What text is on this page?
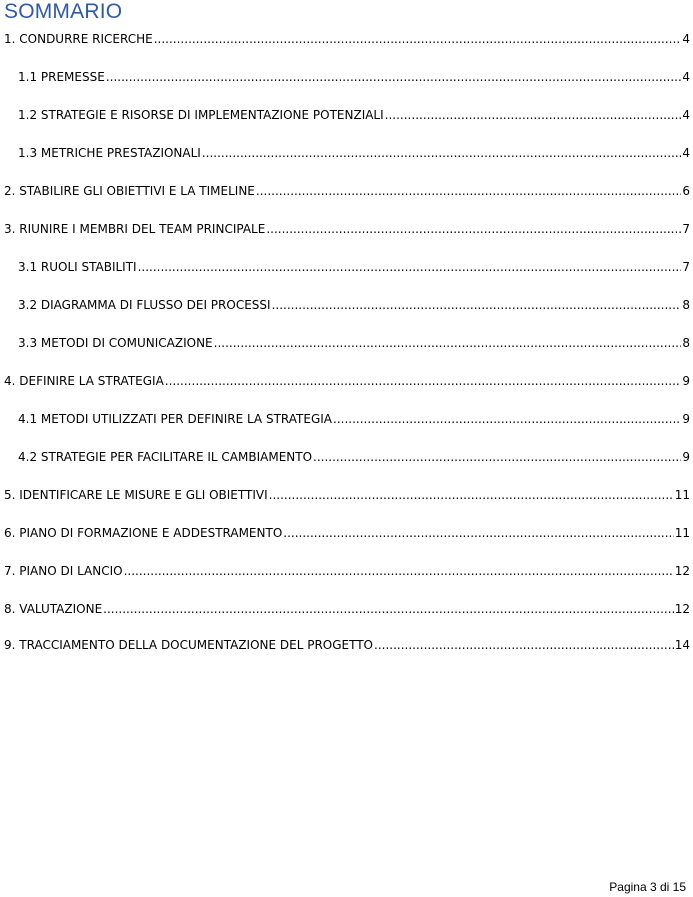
SOMMARIO
1. CONDURRE RICERCHE .....	4
1.1 PREMESSE .....	4
1.2 STRATEGIE E RISORSE DI IMPLEMENTAZIONE POTENZIALI .....	4
1.3 METRICHE PRESTAZIONALI .....	4
2. STABILIRE GLI OBIETTIVI E LA TIMELINE .....	6
3. RIUNIRE I MEMBRI DEL TEAM PRINCIPALE .....	7
3.1 RUOLI STABILITI .....	7
3.2 DIAGRAMMA DI FLUSSO DEI PROCESSI .....	8
3.3 METODI DI COMUNICAZIONE .....	8
4. DEFINIRE LA STRATEGIA .....	9
4.1 METODI UTILIZZATI PER DEFINIRE LA STRATEGIA .....	9
4.2 STRATEGIE PER FACILITARE IL CAMBIAMENTO .....	9
5. IDENTIFICARE LE MISURE E GLI OBIETTIVI .....	11
6. PIANO DI FORMAZIONE E ADDESTRAMENTO .....	11
7. PIANO DI LANCIO .....	12
8. VALUTAZIONE .....	12
9. TRACCIAMENTO DELLA DOCUMENTAZIONE DEL PROGETTO .....	14
Pagina 3 di 15
